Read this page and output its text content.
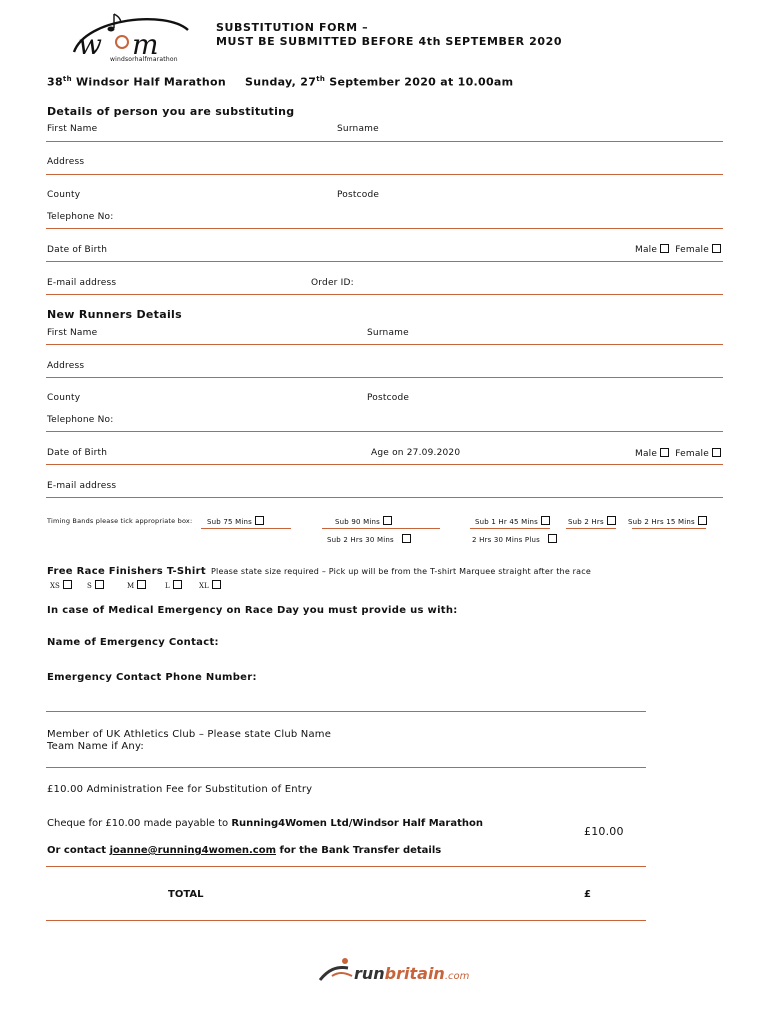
w m
windsorhalfmarathon
SUBSTITUTION FORM –
MUST BE SUBMITTED BEFORE 4th SEPTEMBER 2020
38th Windsor Half Marathon Sunday, 27th September 2020 at 10.00am
Details of person you are substituting
First Name	Surname
Address
County	Postcode
Telephone No:
Date of Birth	Male Female
E-mail address	Order ID:
New Runners Details
First Name	Surname
Address
County	Postcode
Telephone No:
Date of Birth	Age on 27.09.2020	Male Female
E-mail address
Timing Bands please tick appropriate box: Sub 75 Mins	Sub 90 Mins	Sub 1 Hr 45 Mins	Sub 2 Hrs	Sub 2 Hrs 15 Mins
Sub 2 Hrs 30 Mins	2 Hrs 30 Mins Plus
Free Race Finishers T-Shirt Please state size required – Pick up will be from the T-shirt Marquee straight after the race
XS	S	M	L	XL
In case of Medical Emergency on Race Day you must provide us with:
Name of Emergency Contact:
Emergency Contact Phone Number:
Member of UK Athletics Club – Please state Club Name
Team Name if Any:
£10.00 Administration Fee for Substitution of Entry
Cheque for £10.00 made payable to Running4Women Ltd/Windsor Half Marathon
£10.00
Or contact joanne@running4women.com for the Bank Transfer details
TOTAL	£
runbritain.com
